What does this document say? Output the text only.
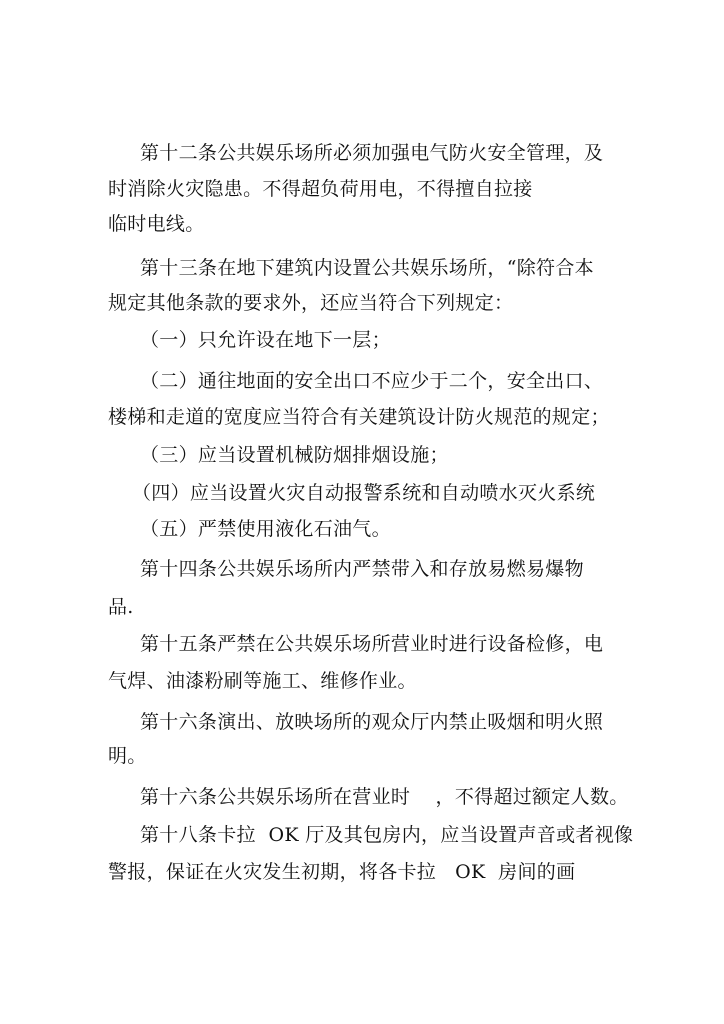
第十二条公共娱乐场所必须加强电气防火安全管理，及
时消除火灾隐患。不得超负荷用电，不得擅自拉接
临时电线。
第十三条在地下建筑内设置公共娱乐场所，“除符合本
规定其他条款的要求外，还应当符合下列规定：
（一）只允许设在地下一层；
（二）通往地面的安全出口不应少于二个，安全出口、
楼梯和走道的宽度应当符合有关建筑设计防火规范的规定；
（三）应当设置机械防烟排烟设施；
（四）应当设置火灾自动报警系统和自动喷水灭火系统
（五）严禁使用液化石油气。
第十四条公共娱乐场所内严禁带入和存放易燃易爆物
品.
第十五条严禁在公共娱乐场所营业时进行设备检修，电
气焊、油漆粉刷等施工、维修作业。
第十六条演出、放映场所的观众厅内禁止吸烟和明火照
明。
第十六条公共娱乐场所在营业时    ，不得超过额定人数。
第十八条卡拉  OK 厅及其包房内，应当设置声音或者视像
警报，保证在火灾发生初期，将各卡拉   OK  房间的画
